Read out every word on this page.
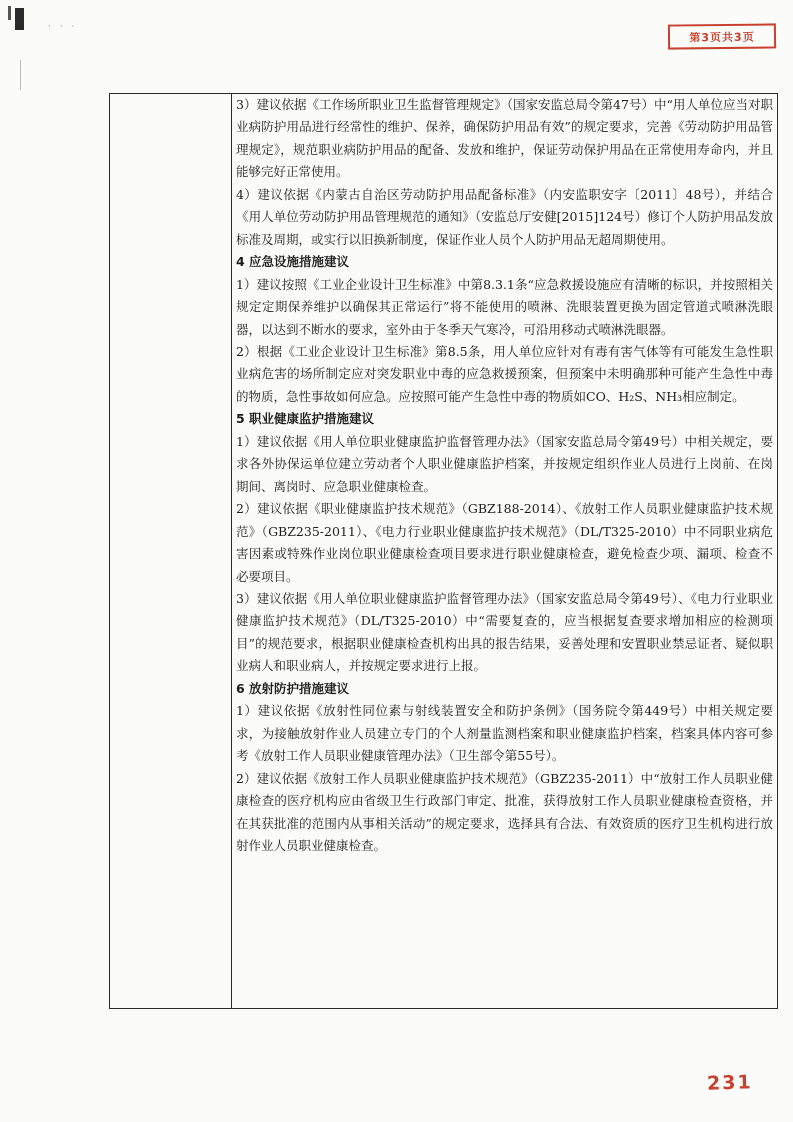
· · ·
第3页共3页

3）建议依据《工作场所职业卫生监督管理规定》（国家安监总局令第47号）中“用人单位应当对职业病防护用品进行经常性的维护、保养，确保防护用品有效”的规定要求，完善《劳动防护用品管理规定》，规范职业病防护用品的配备、发放和维护，保证劳动保护用品在正常使用寿命内，并且能够完好正常使用。

4）建议依据《内蒙古自治区劳动防护用品配备标准》（内安监职安字〔2011〕48号），并结合《用人单位劳动防护用品管理规范的通知》（安监总厅安健[2015]124号）修订个人防护用品发放标准及周期，或实行以旧换新制度，保证作业人员个人防护用品无超周期使用。

4 应急设施措施建议

1）建议按照《工业企业设计卫生标准》中第8.3.1条“应急救援设施应有清晰的标识，并按照相关规定定期保养维护以确保其正常运行”将不能使用的喷淋、洗眼装置更换为固定管道式喷淋洗眼器，以达到不断水的要求，室外由于冬季天气寒冷，可沿用移动式喷淋洗眼器。

2）根据《工业企业设计卫生标准》第8.5条，用人单位应针对有毒有害气体等有可能发生急性职业病危害的场所制定应对突发职业中毒的应急救援预案，但预案中未明确那种可能产生急性中毒的物质，急性事故如何应急。应按照可能产生急性中毒的物质如CO、H₂S、NH₃相应制定。

5 职业健康监护措施建议

1）建议依据《用人单位职业健康监护监督管理办法》（国家安监总局令第49号）中相关规定，要求各外协保运单位建立劳动者个人职业健康监护档案，并按规定组织作业人员进行上岗前、在岗期间、离岗时、应急职业健康检查。

2）建议依据《职业健康监护技术规范》（GBZ188-2014）、《放射工作人员职业健康监护技术规范》（GBZ235-2011）、《电力行业职业健康监护技术规范》（DL/T325-2010）中不同职业病危害因素或特殊作业岗位职业健康检查项目要求进行职业健康检查，避免检查少项、漏项、检查不必要项目。

3）建议依据《用人单位职业健康监护监督管理办法》（国家安监总局令第49号）、《电力行业职业健康监护技术规范》（DL/T325-2010）中“需要复查的，应当根据复查要求增加相应的检测项目”的规范要求，根据职业健康检查机构出具的报告结果，妥善处理和安置职业禁忌证者、疑似职业病人和职业病人，并按规定要求进行上报。

6 放射防护措施建议

1）建议依据《放射性同位素与射线装置安全和防护条例》（国务院令第449号）中相关规定要求，为接触放射作业人员建立专门的个人剂量监测档案和职业健康监护档案，档案具体内容可参考《放射工作人员职业健康管理办法》（卫生部令第55号）。

2）建议依据《放射工作人员职业健康监护技术规范》（GBZ235-2011）中“放射工作人员职业健康检查的医疗机构应由省级卫生行政部门审定、批准，获得放射工作人员职业健康检查资格，并在其获批准的范围内从事相关活动”的规定要求，选择具有合法、有效资质的医疗卫生机构进行放射作业人员职业健康检查。

231
